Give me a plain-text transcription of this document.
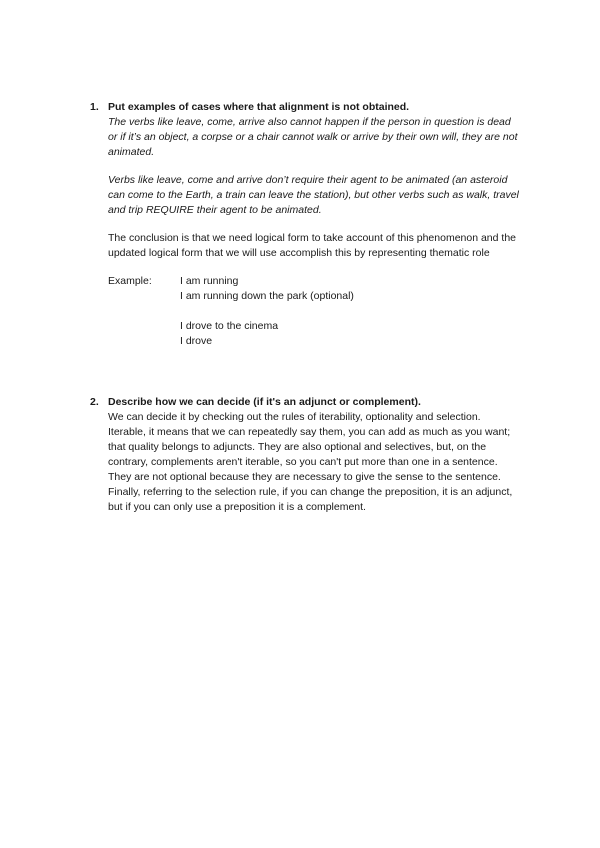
1. Put examples of cases where that alignment is not obtained.

The verbs like leave, come, arrive also cannot happen if the person in question is dead or if it’s an object, a corpse or a chair cannot walk or arrive by their own will, they are not animated.

Verbs like leave, come and arrive don’t require their agent to be animated (an asteroid can come to the Earth, a train can leave the station), but other verbs such as walk, travel and trip REQUIRE their agent to be animated.

The conclusion is that we need logical form to take account of this phenomenon and the updated logical form that we will use accomplish this by representing thematic role

Example:	I am running

I am running down the park (optional)

I drove to the cinema

I drove

2. Describe how we can decide (if it's an adjunct or complement).

We can decide it by checking out the rules of iterability, optionality and selection. Iterable, it means that we can repeatedly say them, you can add as much as you want; that quality belongs to adjuncts. They are also optional and selectives, but, on the contrary, complements aren't iterable, so you can't put more than one in a sentence. They are not optional because they are necessary to give the sense to the sentence. Finally, referring to the selection rule, if you can change the preposition, it is an adjunct, but if you can only use a preposition it is a complement.
